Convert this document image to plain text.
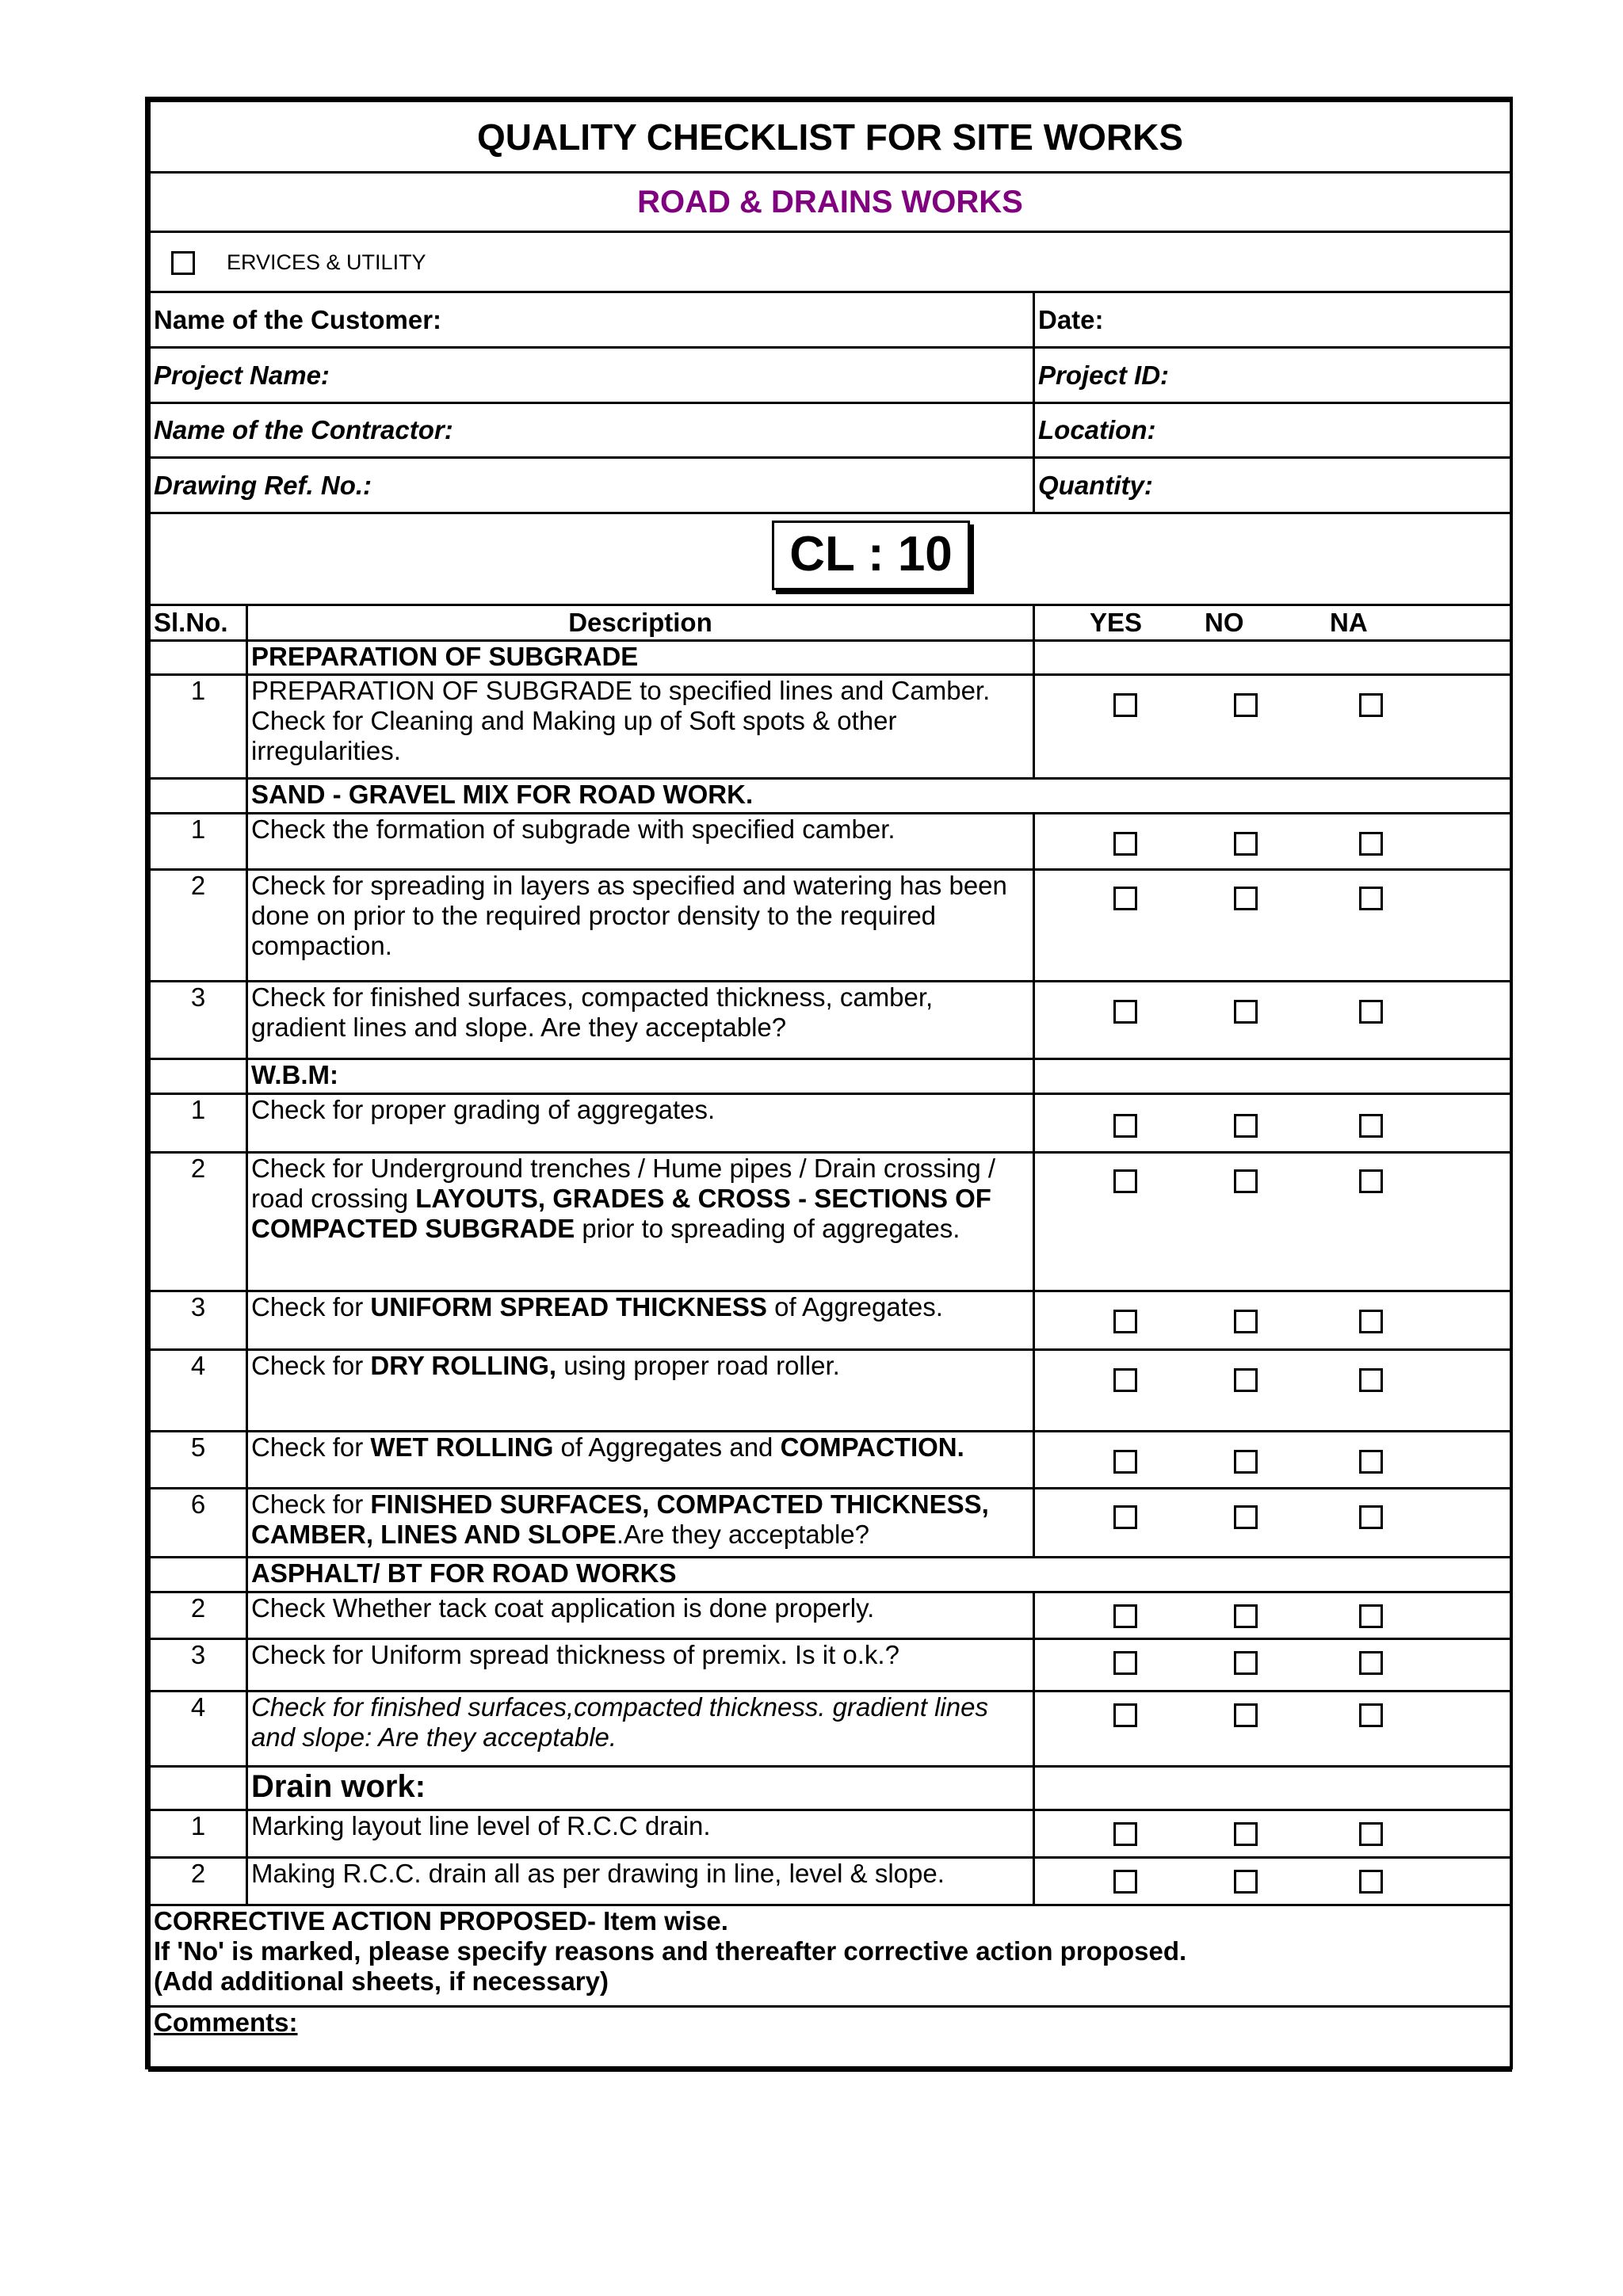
QUALITY CHECKLIST FOR SITE WORKS		
ROAD & DRAINS WORKS		
ERVICES & UTILITY		
Name of the Customer:		Date:
Project Name:		Project ID:
Name of the Contractor:		Location:
Drawing Ref. No.:		Quantity:

CL : 10		

Sl.No.	Description	YES NO NA

	PREPARATION OF SUBGRADE	
1	PREPARATION OF SUBGRADE to specified lines and Camber. Check for Cleaning and Making up of Soft spots & other irregularities.	

	SAND - GRAVEL MIX FOR ROAD WORK.	
1	Check the formation of subgrade with specified camber.	

2	Check for spreading in layers as specified and watering has been done on prior to the required proctor density to the required compaction.	

3	Check for finished surfaces, compacted thickness, camber, gradient lines and slope. Are they acceptable?	

	W.B.M:	
1	Check for proper grading of aggregates.	

2	Check for Underground trenches / Hume pipes / Drain crossing / road crossing LAYOUTS, GRADES & CROSS - SECTIONS OF COMPACTED SUBGRADE prior to spreading of aggregates.	

3	Check for UNIFORM SPREAD THICKNESS of Aggregates.	

4	Check for DRY ROLLING, using proper road roller.	

5	Check for WET ROLLING of Aggregates and COMPACTION.	

6	Check for FINISHED SURFACES, COMPACTED THICKNESS, CAMBER, LINES AND SLOPE.Are they acceptable?	

	ASPHALT/ BT FOR ROAD WORKS	
2	Check Whether tack coat application is done properly.	

3	Check for Uniform spread thickness of premix. Is it o.k.?	

4	Check for finished surfaces,compacted thickness. gradient lines and slope: Are they acceptable.	

	Drain work:	
1	Marking layout line level of R.C.C drain.	

2	Making R.C.C. drain all as per drawing in line, level & slope.	

CORRECTIVE ACTION PROPOSED- Item wise.
If 'No' is marked, please specify reasons and thereafter corrective action proposed.
(Add additional sheets, if necessary)		

Comments:		
